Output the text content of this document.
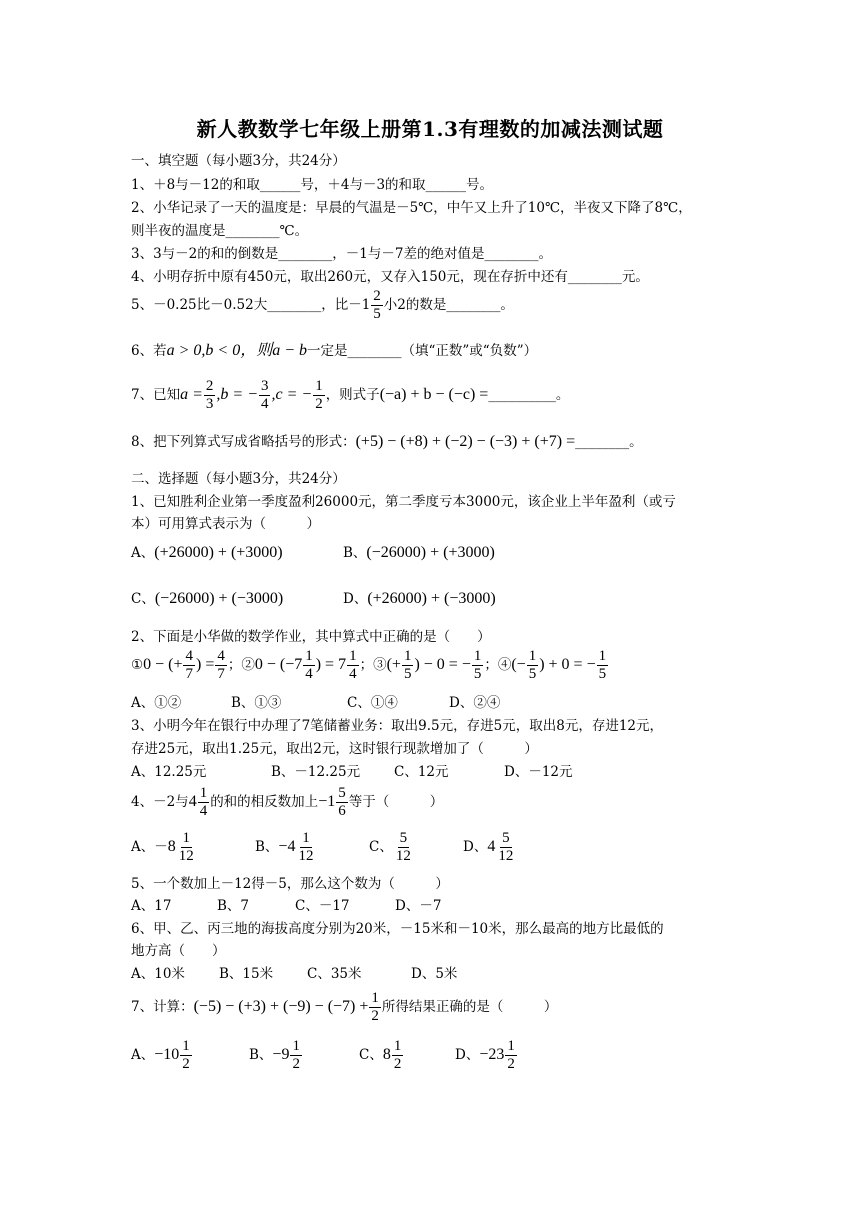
新人教数学七年级上册第1.3有理数的加减法测试题
一、填空题（每小题3分，共24分）
1、＋8与－12的和取______号，＋4与－3的和取______号。
2、小华记录了一天的温度是：早晨的气温是－5℃，中午又上升了10℃，半夜又下降了8℃，
则半夜的温度是________℃。
3、3与－2的和的倒数是________，－1与－7差的绝对值是________。
4、小明存折中原有450元，取出260元，又存入150元，现在存折中还有________元。
5、－0.25比－0.52大________，比$-1 \frac{2}{5}$ 小2的数是________。
6、若a > 0,b < 0，则a − b一定是________（填“正数”或“负数”）
7、已知$a = \frac{2}{3} ,b$ = − $\frac{3}{4} ,c$ = − $\frac{1}{2}$ ，则式子(−a) + b − (−c) =__________。
8、把下列算式写成省略括号的形式：(+5) − (+8) + (−2) − (−3) + (+7) =________。
二、选择题（每小题3分，共24分）
1、已知胜利企业第一季度盈利26000元，第二季度亏本3000元，该企业上半年盈利（或亏
本）可用算式表示为（　　　）
A、(+26000) + (+3000)	B、(−26000) + (+3000)
C、(−26000) + (−3000)	D、(+26000) + (−3000)
2、下面是小华做的数学作业，其中算式中正确的是（　　）
①0 − (+ $\frac{4}{7}$ ) = $\frac{4}{7}$ ；②0 − ($-7 \frac{1}{4}$ ) = $7 \frac{1}{4}$ ；③(+ $\frac{1}{5}$ ) − 0 = − $\frac{1}{5}$ ；④(− $\frac{1}{5}$ ) + 0 = − $\frac{1}{5}$
A、①②	B、①③	C、①④	D、②④
3、小明今年在银行中办理了7笔储蓄业务：取出9.5元，存进5元，取出8元，存进12元，
存进25元，取出1.25元，取出2元，这时银行现款增加了（　　　）
A、12.25元	B、－12.25元	C、12元	D、－12元
4、－2与$4 \frac{1}{4}$ 的和的相反数加上$-1 \frac{5}{6}$ 等于（　　　）
A、$-8 \frac{1}{12}$	B、$-4 \frac{1}{12}$	C、 $\frac{5}{12}$	D、$4 \frac{5}{12}$
5、一个数加上－12得－5，那么这个数为（　　　）
A、17	B、7	C、－17	D、－7
6、甲、乙、丙三地的海拔高度分别为20米，－15米和－10米，那么最高的地方比最低的
地方高（　　）
A、10米	B、15米	C、35米	D、5米
7、计算：$(-5) - (+3) + (-9) - (-7) + \frac{1}{2}$ 所得结果正确的是（　　　）
A、$-10 \frac{1}{2}$	B、$-9 \frac{1}{2}$	C、$8 \frac{1}{2}$	D、$-23 \frac{1}{2}$
